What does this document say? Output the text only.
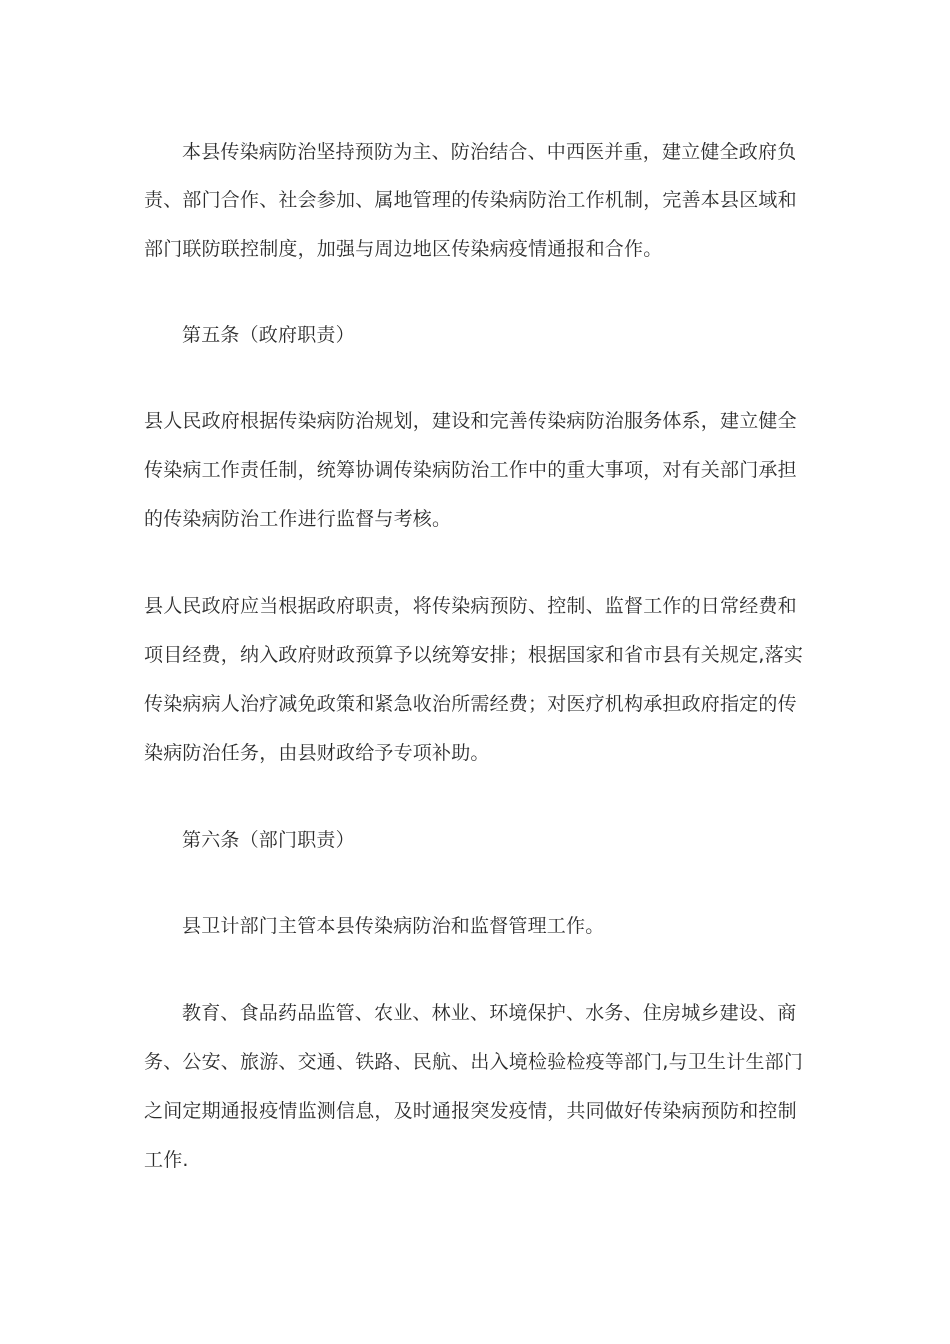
本县传染病防治坚持预防为主、防治结合、中西医并重，建立健全政府负
责、部门合作、社会参加、属地管理的传染病防治工作机制，完善本县区域和
部门联防联控制度，加强与周边地区传染病疫情通报和合作。
第五条（政府职责）
县人民政府根据传染病防治规划，建设和完善传染病防治服务体系，建立健全
传染病工作责任制，统筹协调传染病防治工作中的重大事项，对有关部门承担
的传染病防治工作进行监督与考核。
县人民政府应当根据政府职责，将传染病预防、控制、监督工作的日常经费和
项目经费，纳入政府财政预算予以统筹安排；根据国家和省市县有关规定,落实
传染病病人治疗减免政策和紧急收治所需经费；对医疗机构承担政府指定的传
染病防治任务，由县财政给予专项补助。
第六条（部门职责）
县卫计部门主管本县传染病防治和监督管理工作。
教育、食品药品监管、农业、林业、环境保护、水务、住房城乡建设、商
务、公安、旅游、交通、铁路、民航、出入境检验检疫等部门,与卫生计生部门
之间定期通报疫情监测信息，及时通报突发疫情，共同做好传染病预防和控制
工作.
